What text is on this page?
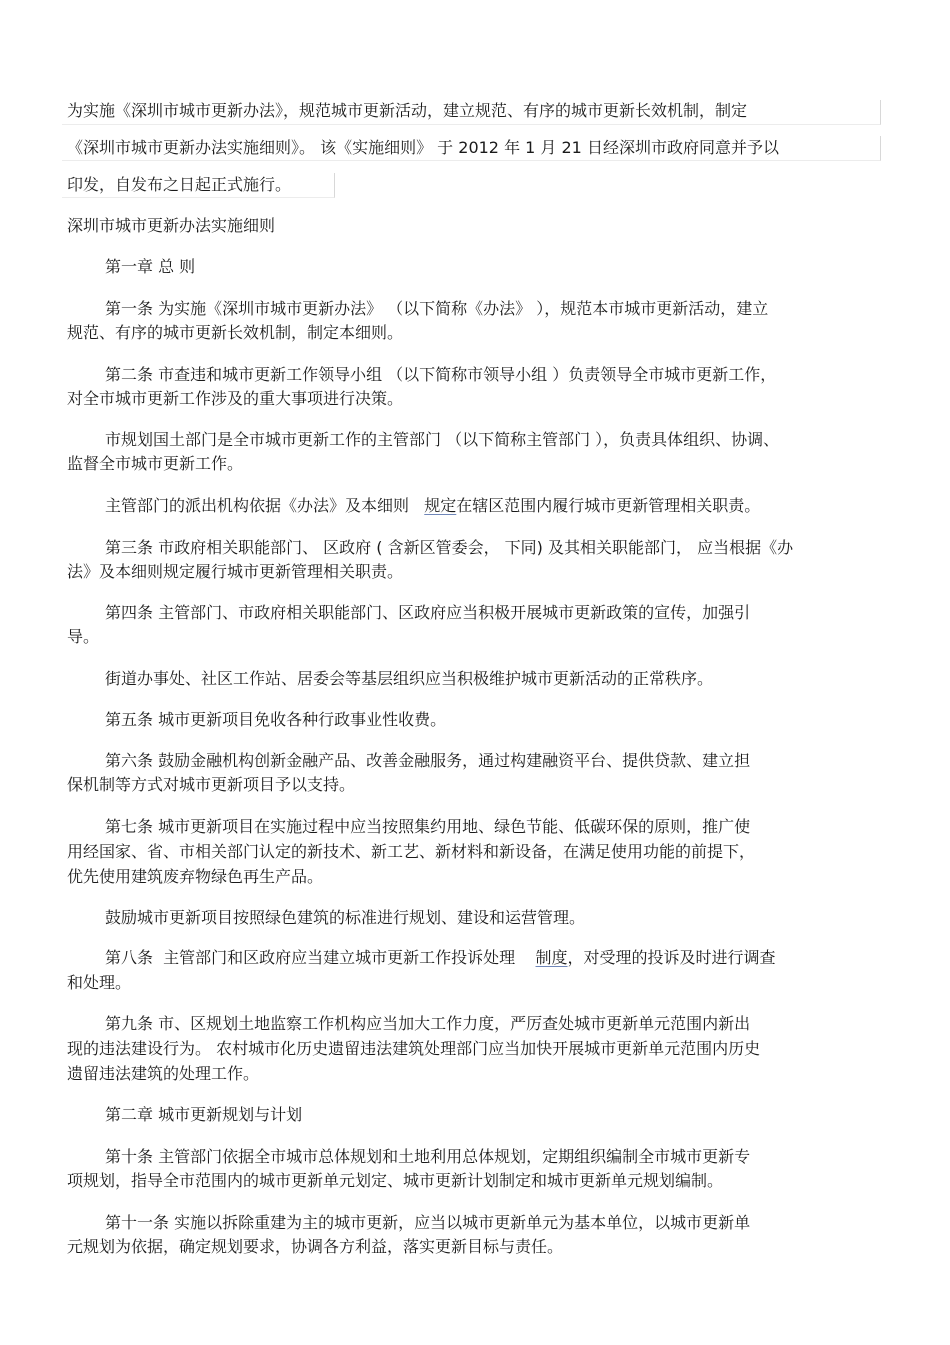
为实施《深圳市城市更新办法》，规范城市更新活动，建立规范、有序的城市更新长效机制，制定
《深圳市城市更新办法实施细则》。 该《实施细则》 于 2012 年 1 月 21 日经深圳市政府同意并予以
印发，自发布之日起正式施行。
深圳市城市更新办法实施细则
第一章 总 则
第一条 为实施《深圳市城市更新办法》 （以下简称《办法》 ），规范本市城市更新活动，建立
规范、有序的城市更新长效机制，制定本细则。
第二条 市查违和城市更新工作领导小组 （以下简称市领导小组 ）负责领导全市城市更新工作，
对全市城市更新工作涉及的重大事项进行决策。
市规划国土部门是全市城市更新工作的主管部门 （以下简称主管部门 ），负责具体组织、协调、
监督全市城市更新工作。
主管部门的派出机构依据《办法》及本细则   规定在辖区范围内履行城市更新管理相关职责。
第三条 市政府相关职能部门、 区政府 ( 含新区管委会， 下同) 及其相关职能部门， 应当根据《办
法》及本细则规定履行城市更新管理相关职责。
第四条 主管部门、市政府相关职能部门、区政府应当积极开展城市更新政策的宣传，加强引
导。
街道办事处、社区工作站、居委会等基层组织应当积极维护城市更新活动的正常秩序。
第五条 城市更新项目免收各种行政事业性收费。
第六条 鼓励金融机构创新金融产品、改善金融服务，通过构建融资平台、提供贷款、建立担
保机制等方式对城市更新项目予以支持。
第七条 城市更新项目在实施过程中应当按照集约用地、绿色节能、低碳环保的原则，推广使
用经国家、省、市相关部门认定的新技术、新工艺、新材料和新设备，在满足使用功能的前提下，
优先使用建筑废弃物绿色再生产品。
鼓励城市更新项目按照绿色建筑的标准进行规划、建设和运营管理。
第八条  主管部门和区政府应当建立城市更新工作投诉处理    制度，对受理的投诉及时进行调查
和处理。
第九条 市、区规划土地监察工作机构应当加大工作力度，严厉查处城市更新单元范围内新出
现的违法建设行为。 农村城市化历史遗留违法建筑处理部门应当加快开展城市更新单元范围内历史
遗留违法建筑的处理工作。
第二章 城市更新规划与计划
第十条 主管部门依据全市城市总体规划和土地利用总体规划，定期组织编制全市城市更新专
项规划，指导全市范围内的城市更新单元划定、城市更新计划制定和城市更新单元规划编制。
第十一条 实施以拆除重建为主的城市更新，应当以城市更新单元为基本单位，以城市更新单
元规划为依据，确定规划要求，协调各方利益，落实更新目标与责任。
